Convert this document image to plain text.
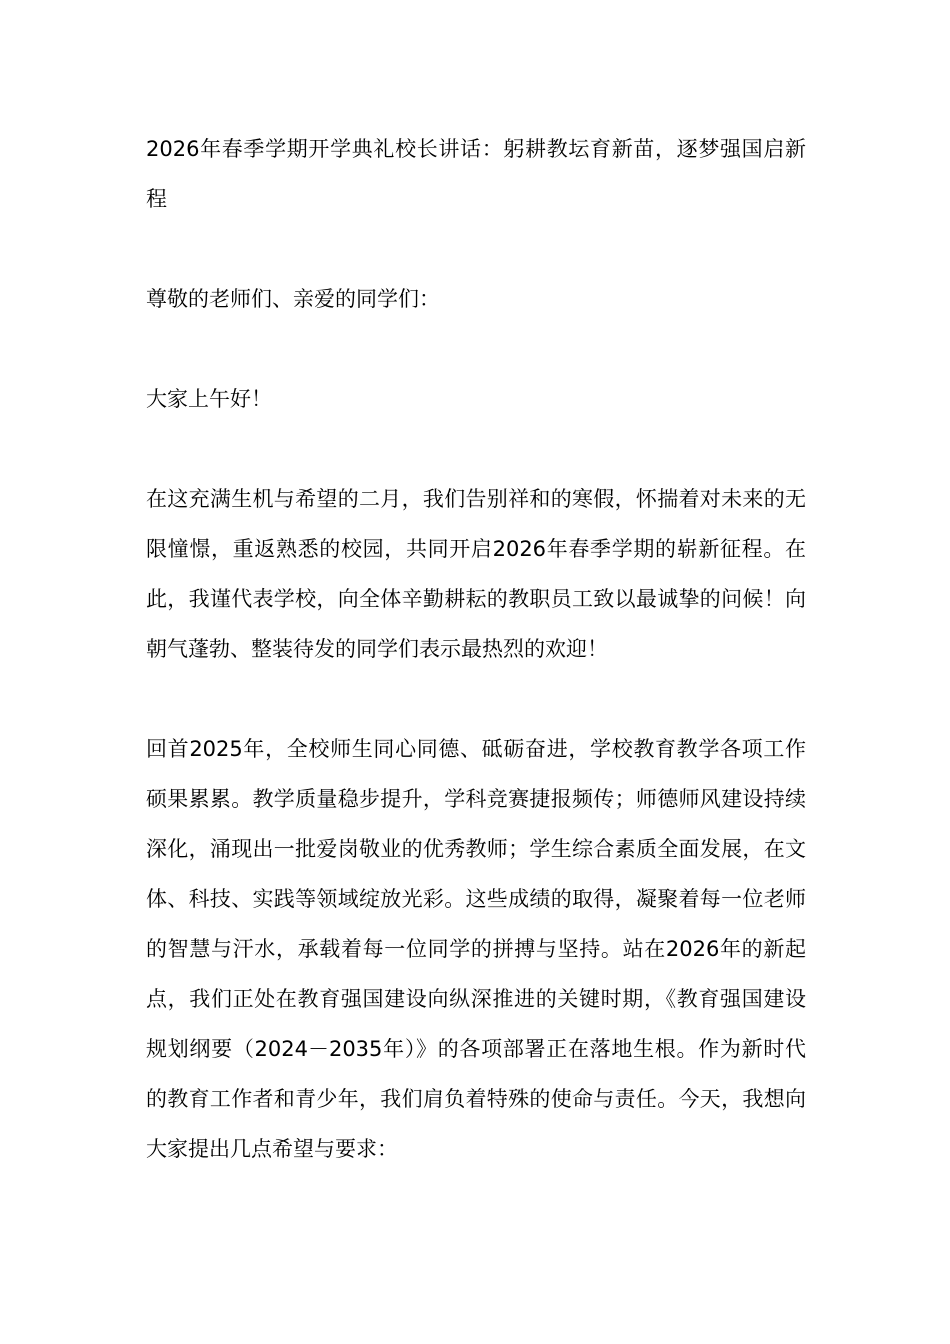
2026年春季学期开学典礼校长讲话：躬耕教坛育新苗，逐梦强国启新程

尊敬的老师们、亲爱的同学们：

大家上午好！

在这充满生机与希望的二月，我们告别祥和的寒假，怀揣着对未来的无限憧憬，重返熟悉的校园，共同开启2026年春季学期的崭新征程。在此，我谨代表学校，向全体辛勤耕耘的教职员工致以最诚挚的问候！向朝气蓬勃、整装待发的同学们表示最热烈的欢迎！

回首2025年，全校师生同心同德、砥砺奋进，学校教育教学各项工作硕果累累。教学质量稳步提升，学科竞赛捷报频传；师德师风建设持续深化，涌现出一批爱岗敬业的优秀教师；学生综合素质全面发展，在文体、科技、实践等领域绽放光彩。这些成绩的取得，凝聚着每一位老师的智慧与汗水，承载着每一位同学的拼搏与坚持。站在2026年的新起点，我们正处在教育强国建设向纵深推进的关键时期，《教育强国建设规划纲要（2024－2035年）》的各项部署正在落地生根。作为新时代的教育工作者和青少年，我们肩负着特殊的使命与责任。今天，我想向大家提出几点希望与要求：
